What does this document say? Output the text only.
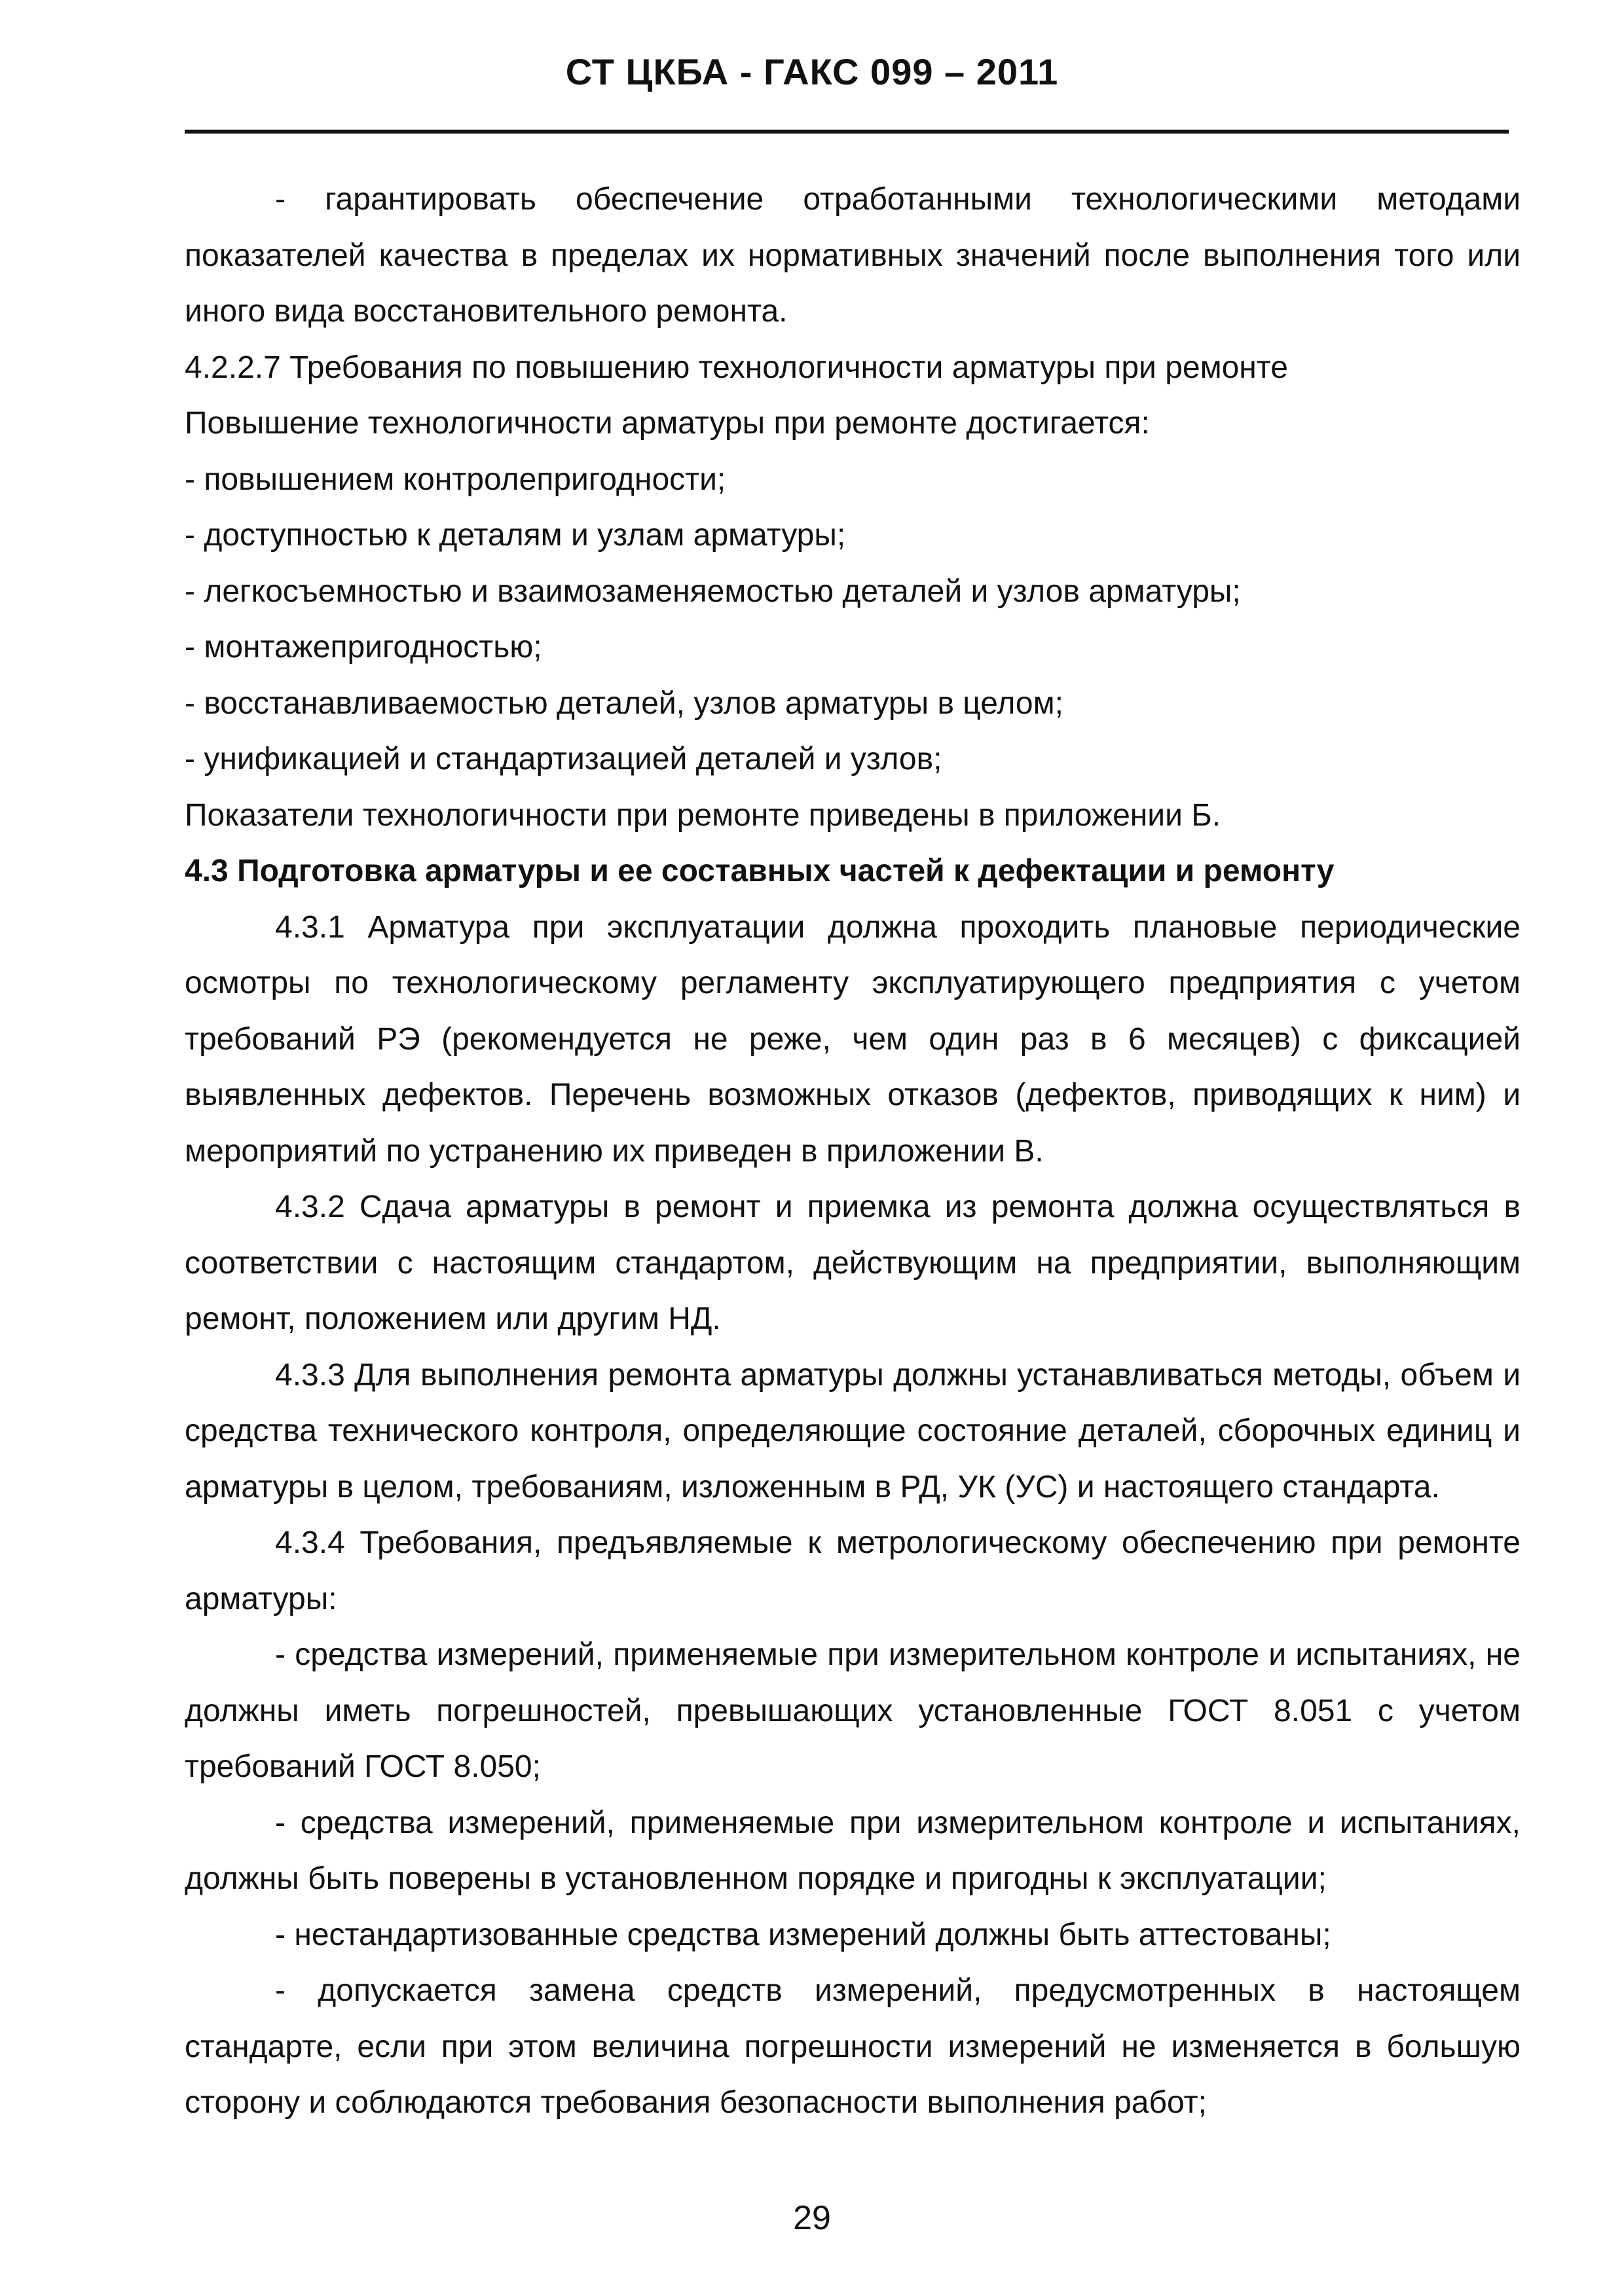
СТ ЦКБА - ГАКС 099 – 2011

- гарантировать обеспечение отработанными технологическими методами показателей качества в пределах их нормативных значений после выполнения того или иного вида восстановительного ремонта.

4.2.2.7 Требования по повышению технологичности арматуры при ремонте

Повышение технологичности арматуры при ремонте достигается:

- повышением контролепригодности;

- доступностью к деталям и узлам арматуры;

- легкосъемностью и взаимозаменяемостью деталей и узлов арматуры;

- монтажепригодностью;

- восстанавливаемостью деталей, узлов арматуры в целом;

- унификацией и стандартизацией деталей и узлов;

Показатели технологичности при ремонте приведены в приложении Б.

4.3 Подготовка арматуры и ее составных частей к дефектации и ремонту

4.3.1 Арматура при эксплуатации должна проходить плановые периодические осмотры по технологическому регламенту эксплуатирующего предприятия с учетом требований РЭ (рекомендуется не реже, чем один раз в 6 месяцев) с фиксацией выявленных дефектов. Перечень возможных отказов (дефектов, приводящих к ним) и мероприятий по устранению их приведен в приложении В.

4.3.2 Сдача арматуры в ремонт и приемка из ремонта должна осуществляться в соответствии с настоящим стандартом, действующим на предприятии, выполняющим ремонт, положением или другим НД.

4.3.3 Для выполнения ремонта арматуры должны устанавливаться методы, объем и средства технического контроля, определяющие состояние деталей, сборочных единиц и арматуры в целом, требованиям, изложенным в РД, УК (УС) и настоящего стандарта.

4.3.4 Требования, предъявляемые к метрологическому обеспечению при ремонте арматуры:

- средства измерений, применяемые при измерительном контроле и испытаниях, не должны иметь погрешностей, превышающих установленные ГОСТ 8.051 с учетом требований ГОСТ 8.050;

- средства измерений, применяемые при измерительном контроле и испытаниях, должны быть поверены в установленном порядке и пригодны к эксплуатации;

- нестандартизованные средства измерений должны быть аттестованы;

- допускается замена средств измерений, предусмотренных в настоящем стандарте, если при этом величина погрешности измерений не изменяется в большую сторону и соблюдаются требования безопасности выполнения работ;

29
